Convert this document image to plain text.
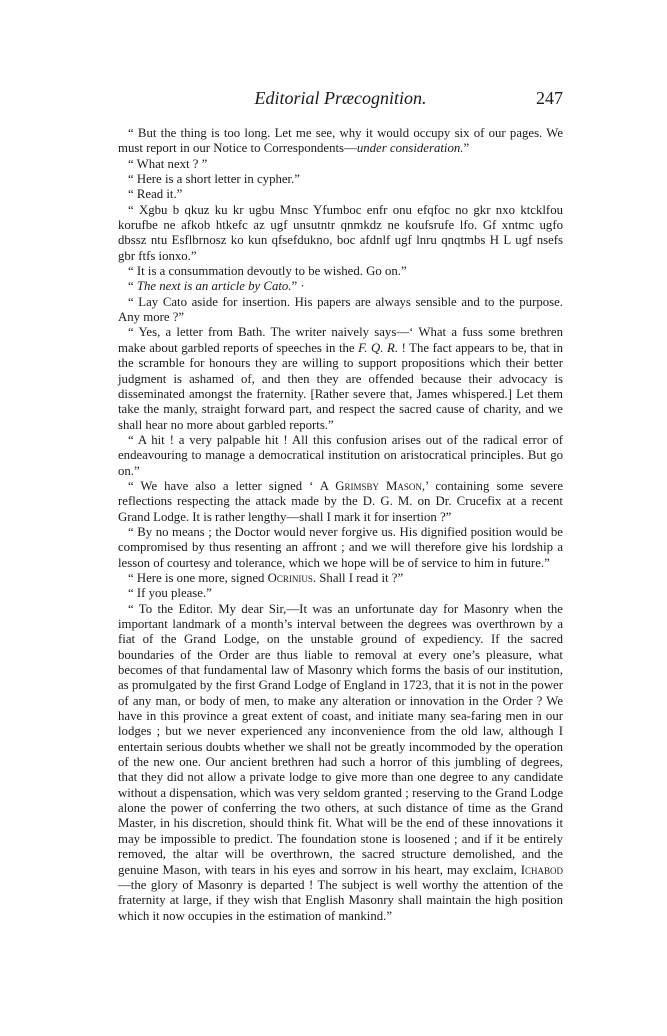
Editorial Præcognition.	247

“ But the thing is too long. Let me see, why it would occupy six of our pages. We must report in our Notice to Correspondents—under consideration.”

“ What next ? ”

“ Here is a short letter in cypher.”

“ Read it.”

“ Xgbu b qkuz ku kr ugbu Mnsc Yfumboc enfr onu efqfoc no gkr nxo ktcklfou korufbe ne afkob htkefc az ugf unsutntr qnmkdz ne koufsrufe lfo. Gf xntmc ugfo dbssz ntu Esflbrnosz ko kun qfsefdukno, boc afdnlf ugf lnru qnqtmbs H L ugf nsefs gbr ftfs ionxo.”

“ It is a consummation devoutly to be wished. Go on.”

“ The next is an article by Cato.” ·

“ Lay Cato aside for insertion. His papers are always sensible and to the purpose. Any more ?”

“ Yes, a letter from Bath. The writer naively says—‘ What a fuss some brethren make about garbled reports of speeches in the F. Q. R. ! The fact appears to be, that in the scramble for honours they are willing to support propositions which their better judgment is ashamed of, and then they are offended because their advocacy is disseminated amongst the fraternity. [Rather severe that, James whispered.] Let them take the manly, straight forward part, and respect the sacred cause of charity, and we shall hear no more about garbled reports.”

“ A hit ! a very palpable hit ! All this confusion arises out of the radical error of endeavouring to manage a democratical institution on aristocratical principles. But go on.”

“ We have also a letter signed ‘ A Grimsby Mason,’ containing some severe reflections respecting the attack made by the D. G. M. on Dr. Crucefix at a recent Grand Lodge. It is rather lengthy—shall I mark it for insertion ?”

“ By no means ; the Doctor would never forgive us. His dignified position would be compromised by thus resenting an affront ; and we will therefore give his lordship a lesson of courtesy and tolerance, which we hope will be of service to him in future.”

“ Here is one more, signed Ocrinius. Shall I read it ?”

“ If you please.”

“ To the Editor. My dear Sir,—It was an unfortunate day for Masonry when the important landmark of a month’s interval between the degrees was overthrown by a fiat of the Grand Lodge, on the unstable ground of expediency. If the sacred boundaries of the Order are thus liable to removal at every one’s pleasure, what becomes of that fundamental law of Masonry which forms the basis of our institution, as promulgated by the first Grand Lodge of England in 1723, that it is not in the power of any man, or body of men, to make any alteration or innovation in the Order ? We have in this province a great extent of coast, and initiate many sea-faring men in our lodges ; but we never experienced any inconvenience from the old law, although I entertain serious doubts whether we shall not be greatly incommoded by the operation of the new one. Our ancient brethren had such a horror of this jumbling of degrees, that they did not allow a private lodge to give more than one degree to any candidate without a dispensation, which was very seldom granted ; reserving to the Grand Lodge alone the power of conferring the two others, at such distance of time as the Grand Master, in his discretion, should think fit. What will be the end of these innovations it may be impossible to predict. The foundation stone is loosened ; and if it be entirely removed, the altar will be overthrown, the sacred structure demolished, and the genuine Mason, with tears in his eyes and sorrow in his heart, may exclaim, Ichabod—the glory of Masonry is departed ! The subject is well worthy the attention of the fraternity at large, if they wish that English Masonry shall maintain the high position which it now occupies in the estimation of mankind.”
